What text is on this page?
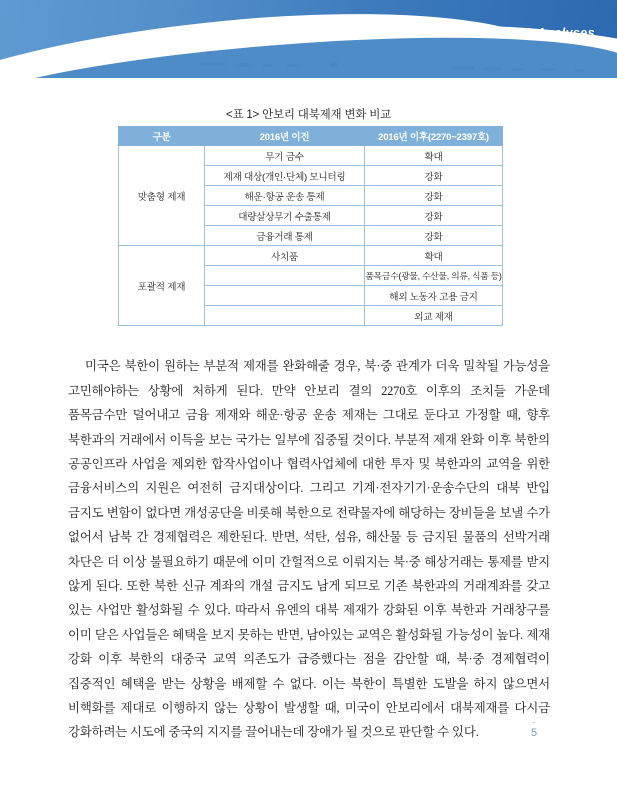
KIDA Defense Issues & Analyses
<표 1> 안보리 대북제재 변화 비교
구분	2016년 이전	2016년 이후(2270~2397호)
맞춤형 제재	무기 금수	확대
	제재 대상(개인·단체) 모니터링	강화
	해운·항공 운송 통제	강화
	대량살상무기 수출통제	강화
	금융거래 통제	강화
포괄적 제재	사치품	확대
		품목금수(광물, 수산물, 의류, 식품 등)
		해외 노동자 고용 금지
		외교 제재

미국은 북한이 원하는 부분적 제재를 완화해줄 경우, 북·중 관계가 더욱 밀착될 가능성을 고민해야하는 상황에 처하게 된다. 만약 안보리 결의 2270호 이후의 조치들 가운데 품목금수만 덜어내고 금융 제재와 해운·항공 운송 제재는 그대로 둔다고 가정할 때, 향후 북한과의 거래에서 이득을 보는 국가는 일부에 집중될 것이다. 부분적 제재 완화 이후 북한의 공공인프라 사업을 제외한 합작사업이나 협력사업체에 대한 투자 및 북한과의 교역을 위한 금융서비스의 지원은 여전히 금지대상이다. 그리고 기계·전자기기·운송수단의 대북 반입 금지도 변함이 없다면 개성공단을 비롯해 북한으로 전략물자에 해당하는 장비들을 보낼 수가 없어서 남북 간 경제협력은 제한된다. 반면, 석탄, 섬유, 해산물 등 금지된 물품의 선박거래 차단은 더 이상 불필요하기 때문에 이미 간헐적으로 이뤄지는 북·중 해상거래는 통제를 받지 않게 된다. 또한 북한 신규 계좌의 개설 금지도 남게 되므로 기존 북한과의 거래계좌를 갖고 있는 사업만 활성화될 수 있다. 따라서 유엔의 대북 제재가 강화된 이후 북한과 거래창구를 이미 닫은 사업들은 혜택을 보지 못하는 반면, 남아있는 교역은 활성화될 가능성이 높다. 제재 강화 이후 북한의 대중국 교역 의존도가 급증했다는 점을 감안할 때, 북·중 경제협력이 집중적인 혜택을 받는 상황을 배제할 수 없다. 이는 북한이 특별한 도발을 하지 않으면서 비핵화를 제대로 이행하지 않는 상황이 발생할 때, 미국이 안보리에서 대북제재를 다시금 강화하려는 시도에 중국의 지지를 끌어내는데 장애가 될 것으로 판단할 수 있다.

-
5
